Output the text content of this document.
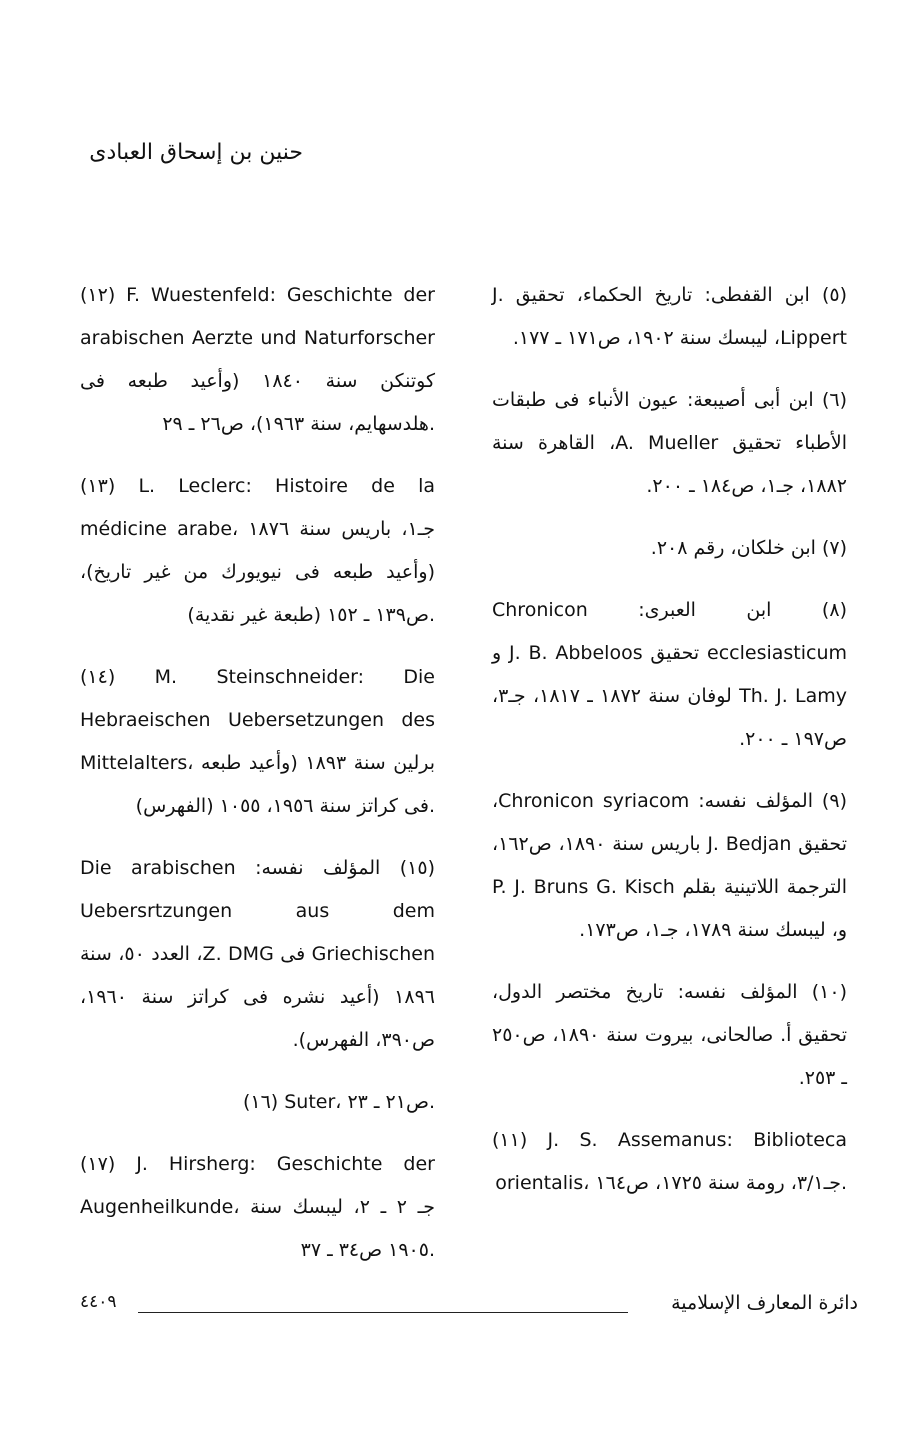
حنين بن إسحاق العبادى

(٥) ابن القفطى: تاريخ الحكماء، تحقيق J. Lippert، ليبسك سنة ١٩٠٢، ص١٧١ ـ ١٧٧.

(٦) ابن أبى أصيبعة: عيون الأنباء فى طبقات الأطباء تحقيق A. Mueller، القاهرة سنة ١٨٨٢، جـ١، ص١٨٤ ـ ٢٠٠.

(٧) ابن خلكان، رقم ٢٠٨.

(٨) ابن العبرى: Chronicon ecclesiasticum تحقيق J. B. Abbeloos و Th. J. Lamy لوفان سنة ١٨٧٢ ـ ١٨١٧، جـ٣، ص١٩٧ ـ ٢٠٠.

(٩) المؤلف نفسه: Chronicon syriacom، تحقيق J. Bedjan باريس سنة ١٨٩٠، ص١٦٢، الترجمة اللاتينية بقلم P. J. Bruns G. Kisch و، ليبسك سنة ١٧٨٩، جـ١، ص١٧٣.

(١٠) المؤلف نفسه: تاريخ مختصر الدول، تحقيق أ. صالحانى، بيروت سنة ١٨٩٠، ص٢٥٠ ـ ٢٥٣.

(١١) J. S. Assemanus: Biblioteca orientalis، جـ٣/١، رومة سنة ١٧٢٥، ص١٦٤.

(١٢) F. Wuestenfeld: Geschichte der arabischen Aerzte und Naturforscher كوتنكن سنة ١٨٤٠ (وأعيد طبعه فى هلدسهايم، سنة ١٩٦٣)، ص٢٦ ـ ٢٩.

(١٣) L. Leclerc: Histoire de la médicine arabe، جـ١، باريس سنة ١٨٧٦ (وأعيد طبعه فى نيويورك من غير تاريخ)، ص١٣٩ ـ ١٥٢ (طبعة غير نقدية).

(١٤) M. Steinschneider: Die Hebraeischen Uebersetzungen des Mittelalters، برلين سنة ١٨٩٣ (وأعيد طبعه فى كراتز سنة ١٩٥٦، ١٠٥٥ (الفهرس).

(١٥) المؤلف نفسه: Die arabischen Uebersrtzungen aus dem Griechischen فى Z. DMG، العدد ٥٠، سنة ١٨٩٦ (أعيد نشره فى كراتز سنة ١٩٦٠، ص٣٩٠، الفهرس).

(١٦) Suter، ص٢١ ـ ٢٣.

(١٧) J. Hirsherg: Geschichte der Augenheilkunde، جـ ٢ ـ ٢، ليبسك سنة ١٩٠٥ ص٣٤ ـ ٣٧.

دائرة المعارف الإسلامية
٤٤٠٩
